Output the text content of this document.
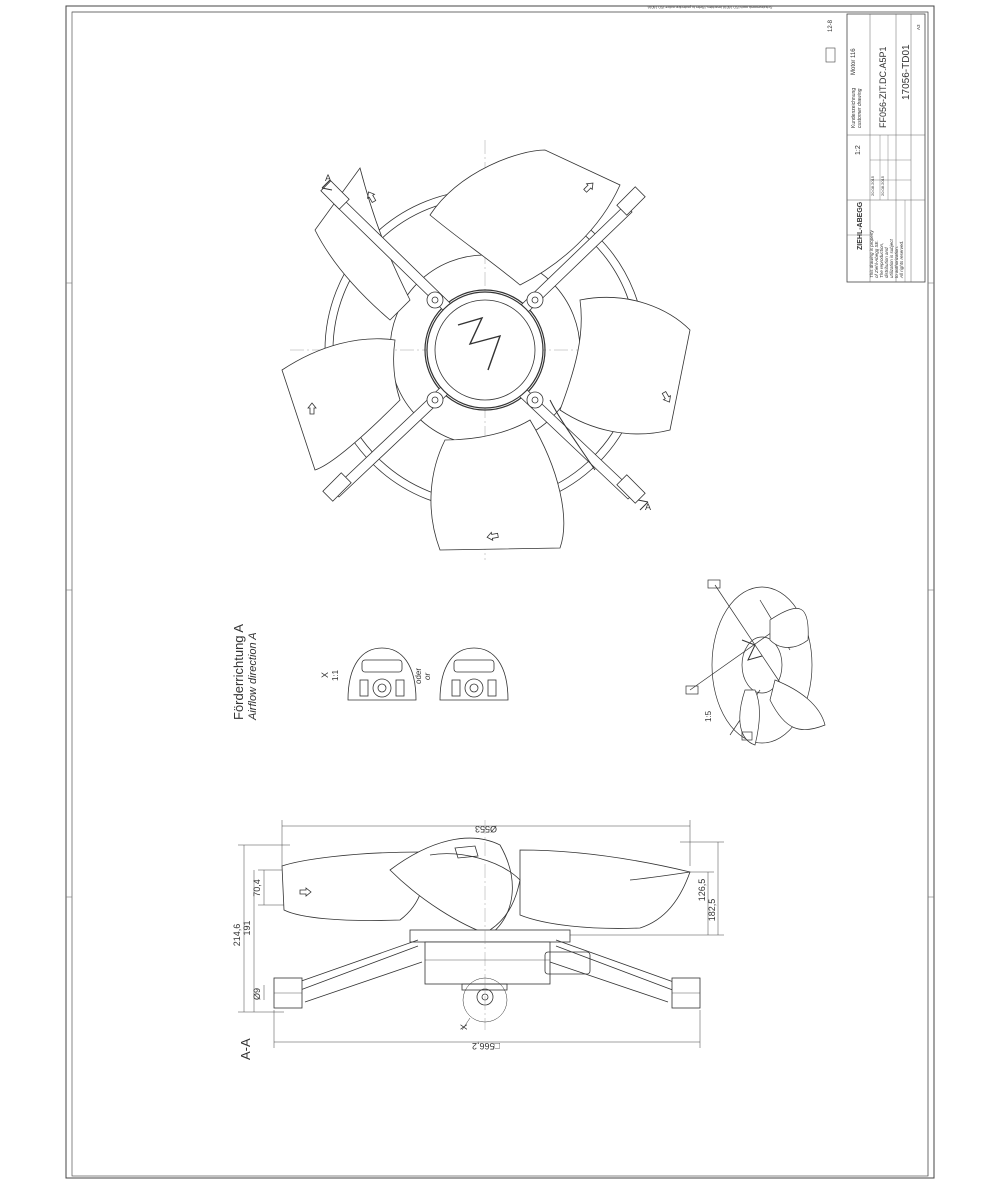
Schutzvermerk nach ISO 16016 beachten / Refer to protection notice ISO 16016
ZIEHL-ABEGG
This drawing is property of Ziehl-Abegg SE. The reproduction, distribution and utilization is subject to authorization. All rights reserved.
20.08.2015 20.08.2015
1:2
Kundenzeichnung customer drawing
Motor 116 FF056-ZIT.DC.A5P1 17056-TD01
A3
12-8
A
A
1:5
Förderrichtung A Airflow direction A	X 1:1	oder or
Ø553
□566,2
214,6 191
70,4
Ø9
126,5
182,5
X
A-A
